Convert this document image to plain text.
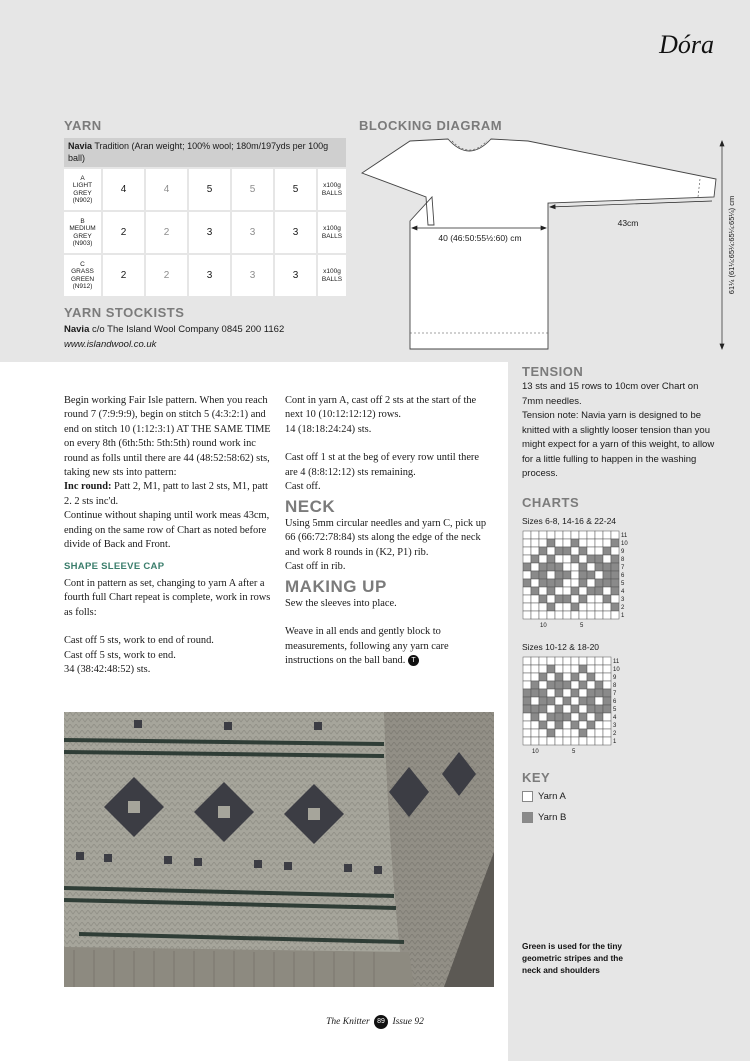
Dóra
YARN
Navia Tradition (Aran weight; 100% wool; 180m/197yds per 100g ball)
A
LIGHT
GREY
(N902)
4	4	5	5	5	x100g
BALLS
B
MEDIUM
GREY
(N903)
2	2	3	3	3	x100g
BALLS
C
GRASS
GREEN
(N912)
2	2	3	3	3	x100g
BALLS
YARN STOCKISTS
Navia c/o The Island Wool Company 0845 200 1162
www.islandwool.co.uk
BLOCKING DIAGRAM
40 (46:50:55½:60) cm
43cm	61¼ (61¼:65¼:65¼:65¼) cm

Begin working Fair Isle pattern. When you reach round 7 (7:9:9:9), begin on stitch 5 (4:3:2:1) and end on stitch 10 (1:12:3:1) AT THE SAME TIME on every 8th (6th:5th: 5th:5th) round work inc round as folls until there are 44 (48:52:58:62) sts, taking new sts into pattern:

Inc round: Patt 2, M1, patt to last 2 sts, M1, patt 2. 2 sts inc'd.

Continue without shaping until work meas 43cm, ending on the same row of Chart as noted before divide of Back and Front.

SHAPE SLEEVE CAP

Cont in pattern as set, changing to yarn A after a fourth full Chart repeat is complete, work in rows as folls:

Cast off 5 sts, work to end of round.

Cast off 5 sts, work to end.

34 (38:42:48:52) sts.

Cont in yarn A, cast off 2 sts at the start of the next 10 (10:12:12:12) rows.

14 (18:18:24:24) sts.

Cast off 1 st at the beg of every row until there are 4 (8:8:12:12) sts remaining.

Cast off.

NECK

Using 5mm circular needles and yarn C, pick up 66 (66:72:78:84) sts along the edge of the neck and work 8 rounds in (K2, P1) rib.

Cast off in rib.

MAKING UP

Sew the sleeves into place.

Weave in all ends and gently block to measurements, following any yarn care instructions on the ball band. T

TENSION

13 sts and 15 rows to 10cm over Chart on 7mm needles.

Tension note: Navia yarn is designed to be knitted with a slightly looser tension than you might expect for a yarn of this weight, to allow for a little fulling to happen in the washing process.

CHARTS
Sizes 6-8, 14-16 & 22-24
11
10
9
8
7
6
5
4
3
2
1
10	5
Sizes 10-12 & 18-20
11
10
9
8
7
6
5
4
3
2
1
10	5
KEY
Yarn A
Yarn B
Green is used for the tiny geometric stripes and the neck and shoulders
The Knitter 89 Issue 92
